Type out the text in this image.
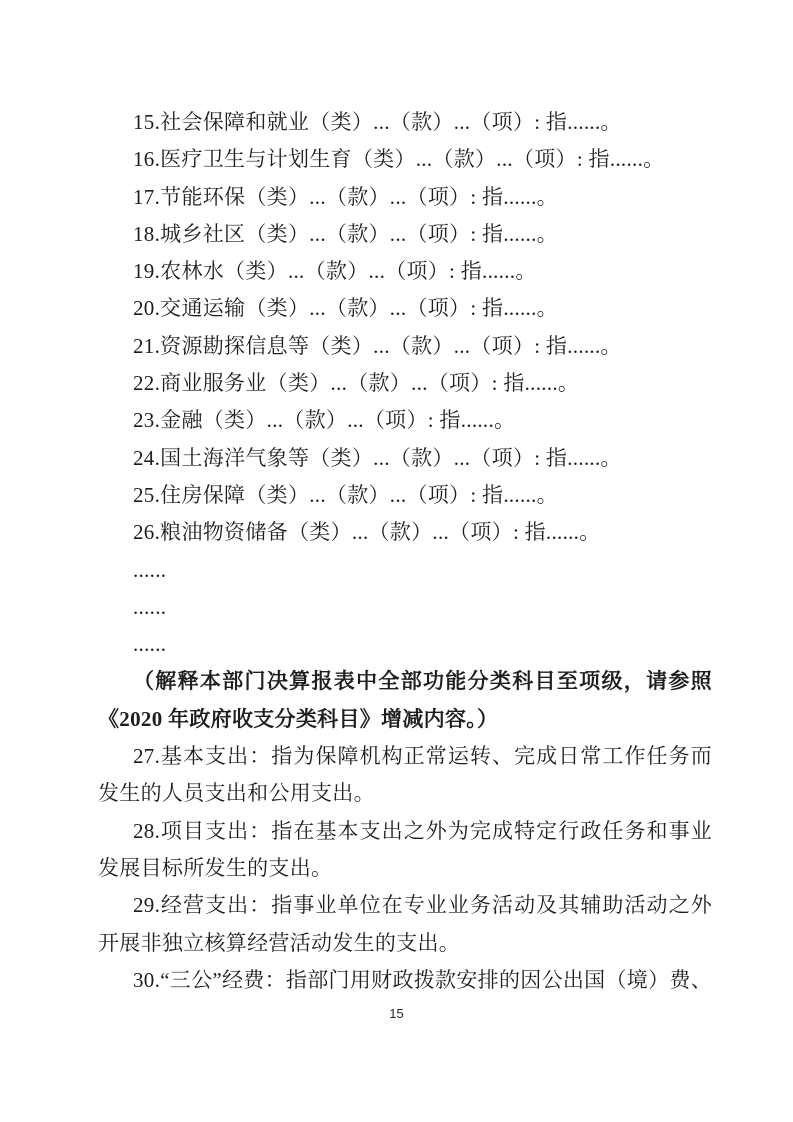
15.社会保障和就业（类）...（款）...（项）: 指......。

16.医疗卫生与计划生育（类）...（款）...（项）: 指......。

17.节能环保（类）...（款）...（项）: 指......。

18.城乡社区（类）...（款）...（项）: 指......。

19.农林水（类）...（款）...（项）: 指......。

20.交通运输（类）...（款）...（项）: 指......。

21.资源勘探信息等（类）...（款）...（项）: 指......。

22.商业服务业（类）...（款）...（项）: 指......。

23.金融（类）...（款）...（项）: 指......。

24.国土海洋气象等（类）...（款）...（项）: 指......。

25.住房保障（类）...（款）...（项）: 指......。

26.粮油物资储备（类）...（款）...（项）: 指......。

......

......

......

（解释本部门决算报表中全部功能分类科目至项级，请参照

《2020 年政府收支分类科目》增减内容。）

27.基本支出：指为保障机构正常运转、完成日常工作任务而

发生的人员支出和公用支出。

28.项目支出：指在基本支出之外为完成特定行政任务和事业

发展目标所发生的支出。

29.经营支出：指事业单位在专业业务活动及其辅助活动之外

开展非独立核算经营活动发生的支出。

30.“三公”经费：指部门用财政拨款安排的因公出国（境）费、

15
